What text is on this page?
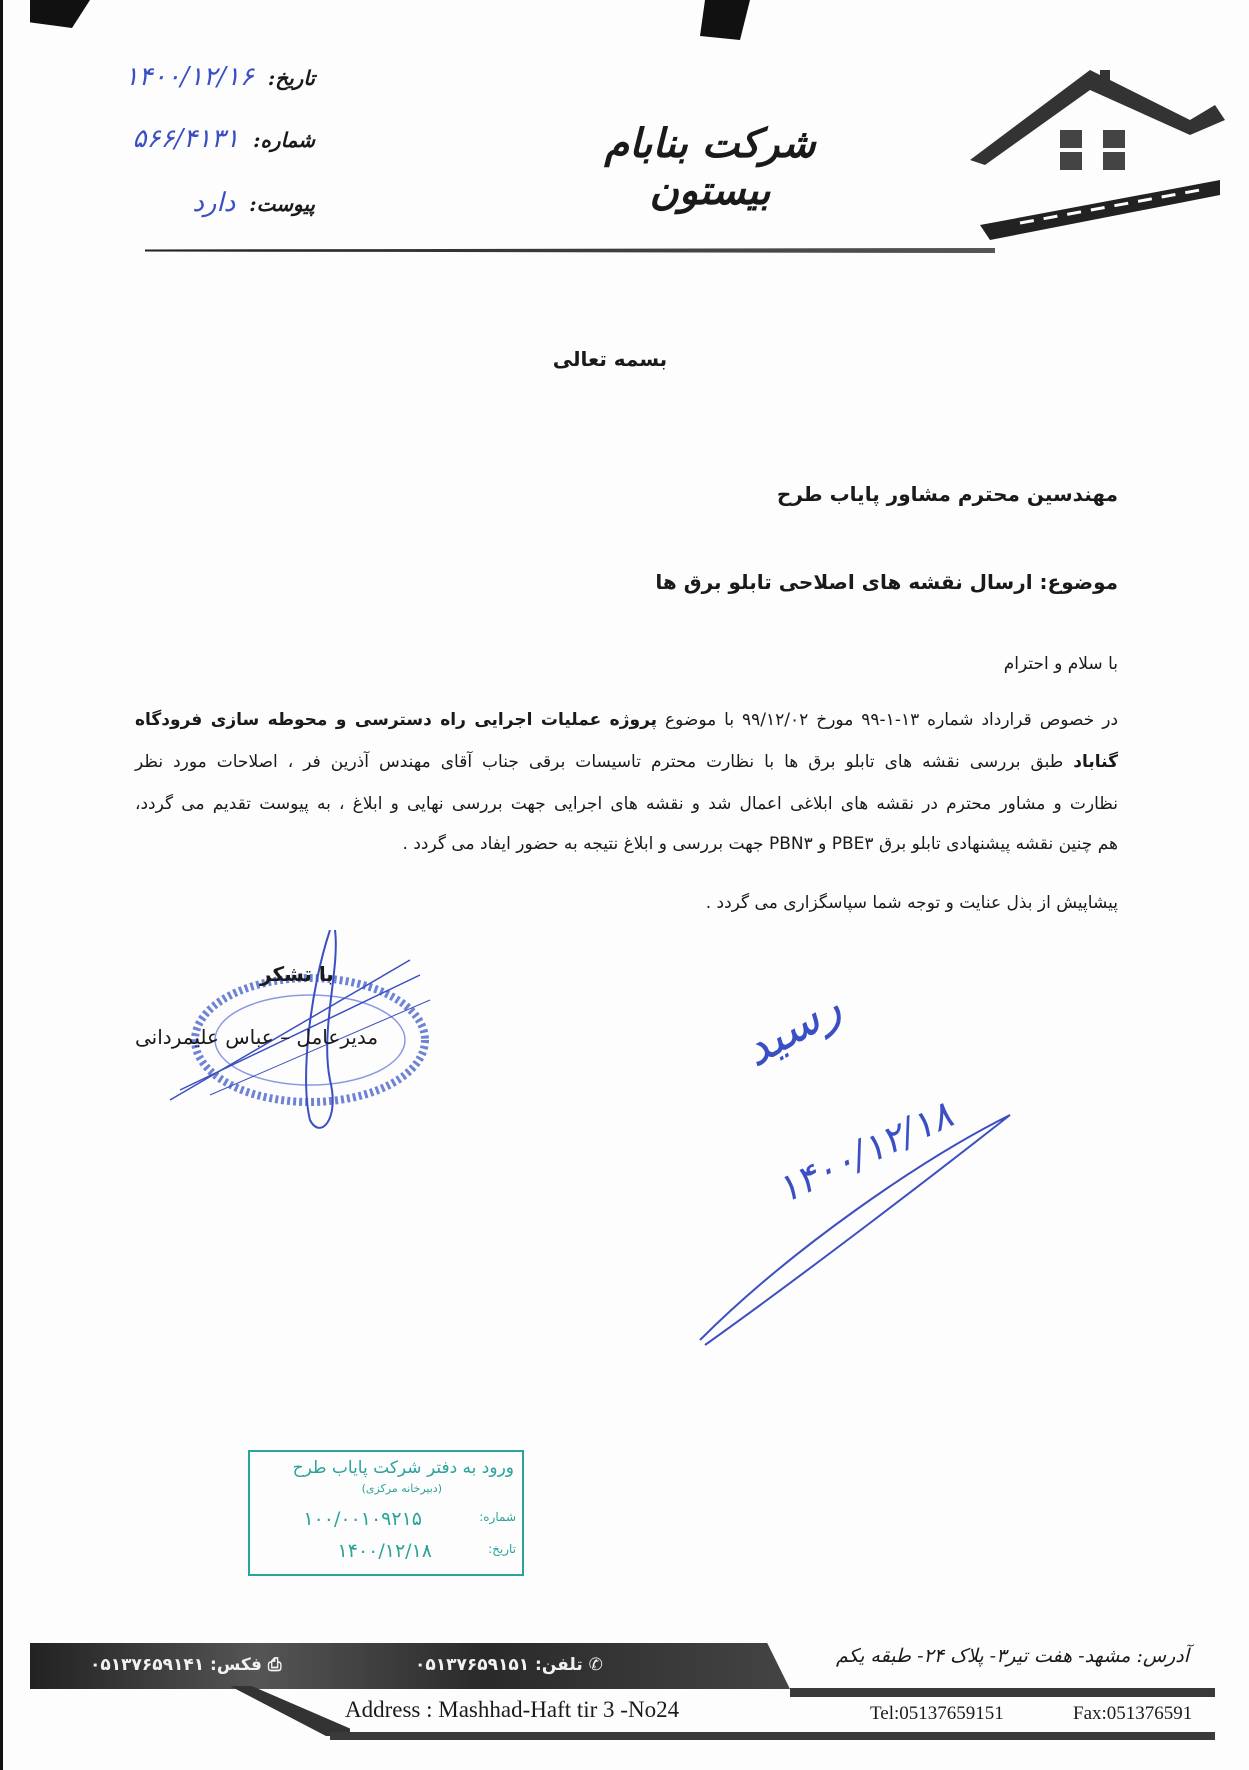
تاریخ:
۱۴۰۰/۱۲/۱۶
شماره:
۵۶۶/۴۱۳۱
پیوست:
دارد
شرکت بنابام بیستون
بسمه تعالی
مهندسین محترم مشاور پایاب طرح
موضوع: ارسال نقشه های اصلاحی تابلو برق ها
با سلام و احترام
در خصوص قرارداد شماره ۱۳-۱-۹۹ مورخ ۹۹/۱۲/۰۲ با موضوع پروژه عملیات اجرایی راه دسترسی و محوطه سازی فرودگاه
گناباد طبق بررسی نقشه های تابلو برق ها با نظارت محترم تاسیسات برقی جناب آقای مهندس آذرین فر ، اصلاحات مورد نظر
نظارت و مشاور محترم در نقشه های ابلاغی اعمال شد و نقشه های اجرایی جهت بررسی نهایی و ابلاغ ، به پیوست تقدیم می گردد،
هم چنین نقشه پیشنهادی تابلو برق PBE۳ و PBN۳ جهت بررسی و ابلاغ نتیجه به حضور ایفاد می گردد .
پیشاپیش از بذل عنایت و توجه شما سپاسگزاری می گردد .
با تشکر
مدیرعامل – عباس علیمردانی	رسید
۱۴۰۰/۱۲/۱۸
ورود به دفتر شرکت پایاب طرح
(دبیرخانه مرکزی)
شماره:
۱۰۰/۰۰۱۰۹۲۱۵
تاریخ:
۱۴۰۰/۱۲/۱۸
⎙ فکس: ۰۵۱۳۷۶۵۹۱۴۱	✆ تلفن: ۰۵۱۳۷۶۵۹۱۵۱	آدرس: مشهد- هفت تیر۳- پلاک ۲۴- طبقه یکم
Address : Mashhad-Haft tir 3 -No24	Tel:05137659151	Fax:051376591
